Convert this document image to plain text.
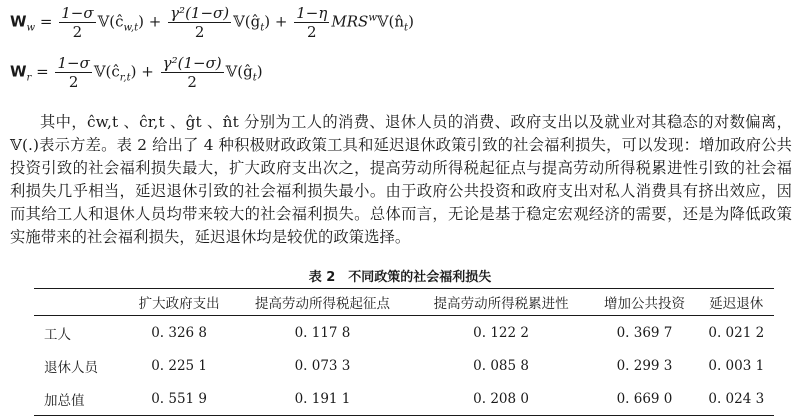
$W_w = \frac{1-\sigma}{2}$ $𝕍(ĉ_{w,t}) + \frac{\text{γ²(1−σ)}}{2}$ $𝕍(ĝ_t) + \frac{1-\eta}{2}$ $MRS^w𝕍(n̂_t)$
$W_r = \frac{1-\sigma}{2}$ $𝕍(ĉ_{r,t}) + \frac{\text{γ²(1−σ)}}{2}$ $𝕍(ĝ_t)$

其中，ĉw,t 、ĉr,t 、ĝt 、n̂t 分别为工人的消费、退休人员的消费、政府支出以及就业对其稳态的对数偏离，𝕍(.)表示方差。表 2 给出了 4 种积极财政政策工具和延迟退休政策引致的社会福利损失，可以发现：增加政府公共投资引致的社会福利损失最大，扩大政府支出次之，提高劳动所得税起征点与提高劳动所得税累进性引致的社会福利损失几乎相当，延迟退休引致的社会福利损失最小。由于政府公共投资和政府支出对私人消费具有挤出效应，因而其给工人和退休人员均带来较大的社会福利损失。总体而言，无论是基于稳定宏观经济的需要，还是为降低政策实施带来的社会福利损失，延迟退休均是较优的政策选择。

表 2　不同政策的社会福利损失
	扩大政府支出	提高劳动所得税起征点	提高劳动所得税累进性	增加公共投资	延迟退休
工人	0. 326 8	0. 117 8	0. 122 2	0. 369 7	0. 021 2
退休人员	0. 225 1	0. 073 3	0. 085 8	0. 299 3	0. 003 1
加总值	0. 551 9	0. 191 1	0. 208 0	0. 669 0	0. 024 3
